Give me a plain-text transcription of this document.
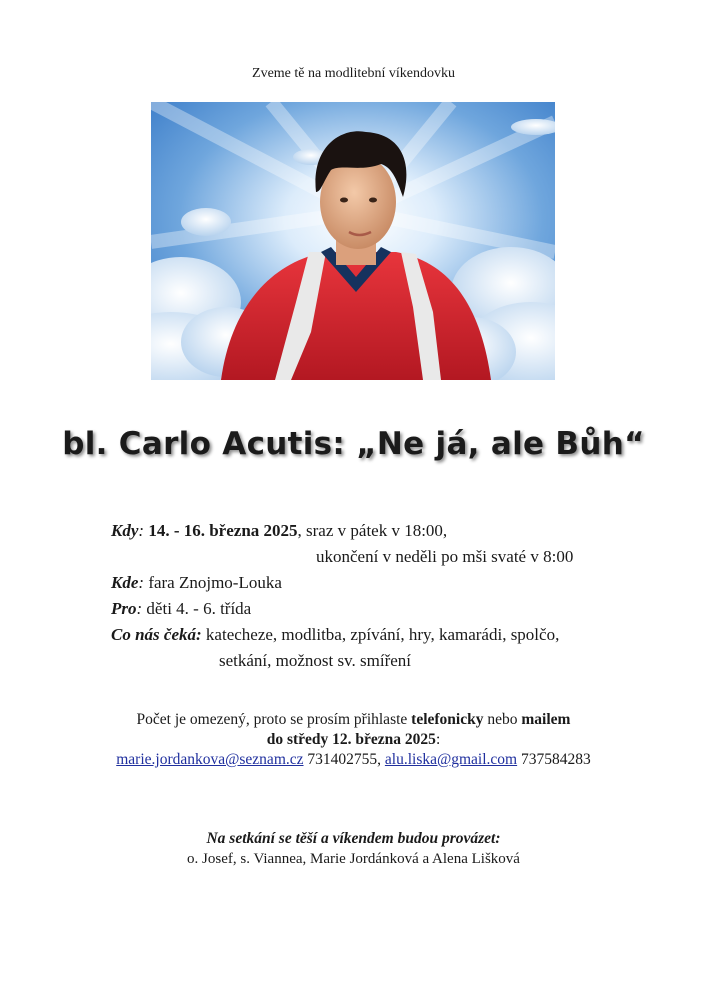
Zveme tě na modlitební víkendovku
bl. Carlo Acutis: „Ne já, ale Bůh“
Kdy: 14. - 16. března 2025, sraz v pátek v 18:00,
ukončení v neděli po mši svaté v 8:00
Kde: fara Znojmo-Louka
Pro: děti 4. - 6. třída
Co nás čeká: katecheze, modlitba, zpívání, hry, kamarádi, spolčo,
setkání, možnost sv. smíření
Počet je omezený, proto se prosím přihlaste telefonicky nebo mailem
do středy 12. března 2025:
marie.jordankova@seznam.cz 731402755, alu.liska@gmail.com 737584283
Na setkání se těší a víkendem budou provázet:
o. Josef, s. Viannea, Marie Jordánková a Alena Lišková
